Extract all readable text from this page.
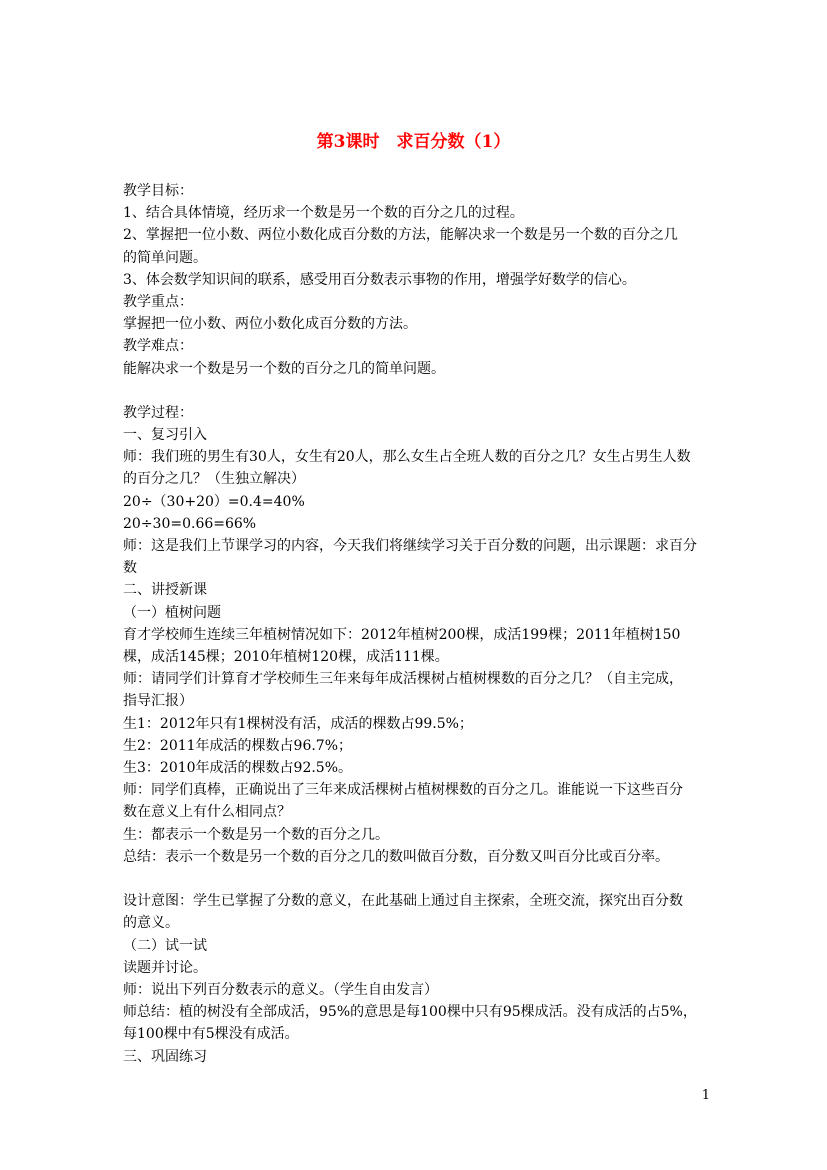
第3课时　求百分数（1）

教学目标：

1、结合具体情境，经历求一个数是另一个数的百分之几的过程。

2、掌握把一位小数、两位小数化成百分数的方法，能解决求一个数是另一个数的百分之几

的简单问题。

3、体会数学知识间的联系，感受用百分数表示事物的作用，增强学好数学的信心。

教学重点：

掌握把一位小数、两位小数化成百分数的方法。

教学难点：

能解决求一个数是另一个数的百分之几的简单问题。

教学过程：

一、复习引入

师：我们班的男生有30人，女生有20人，那么女生占全班人数的百分之几？女生占男生人数

的百分之几？（生独立解决）

20÷（30+20）=0.4=40%

20÷30=0.66=66%

师：这是我们上节课学习的内容，今天我们将继续学习关于百分数的问题，出示课题：求百分

数

二、讲授新课

（一）植树问题

育才学校师生连续三年植树情况如下：2012年植树200棵，成活199棵；2011年植树150

棵，成活145棵；2010年植树120棵，成活111棵。

师：请同学们计算育才学校师生三年来每年成活棵树占植树棵数的百分之几？（自主完成，

指导汇报）

生1：2012年只有1棵树没有活，成活的棵数占99.5%；

生2：2011年成活的棵数占96.7%；

生3：2010年成活的棵数占92.5%。

师：同学们真棒，正确说出了三年来成活棵树占植树棵数的百分之几。谁能说一下这些百分

数在意义上有什么相同点？

生：都表示一个数是另一个数的百分之几。

总结：表示一个数是另一个数的百分之几的数叫做百分数，百分数又叫百分比或百分率。

设计意图：学生已掌握了分数的意义，在此基础上通过自主探索，全班交流，探究出百分数

的意义。

（二）试一试

读题并讨论。

师：说出下列百分数表示的意义。（学生自由发言）

师总结：植的树没有全部成活，95%的意思是每100棵中只有95棵成活。没有成活的占5%，

每100棵中有5棵没有成活。

三、巩固练习

1
